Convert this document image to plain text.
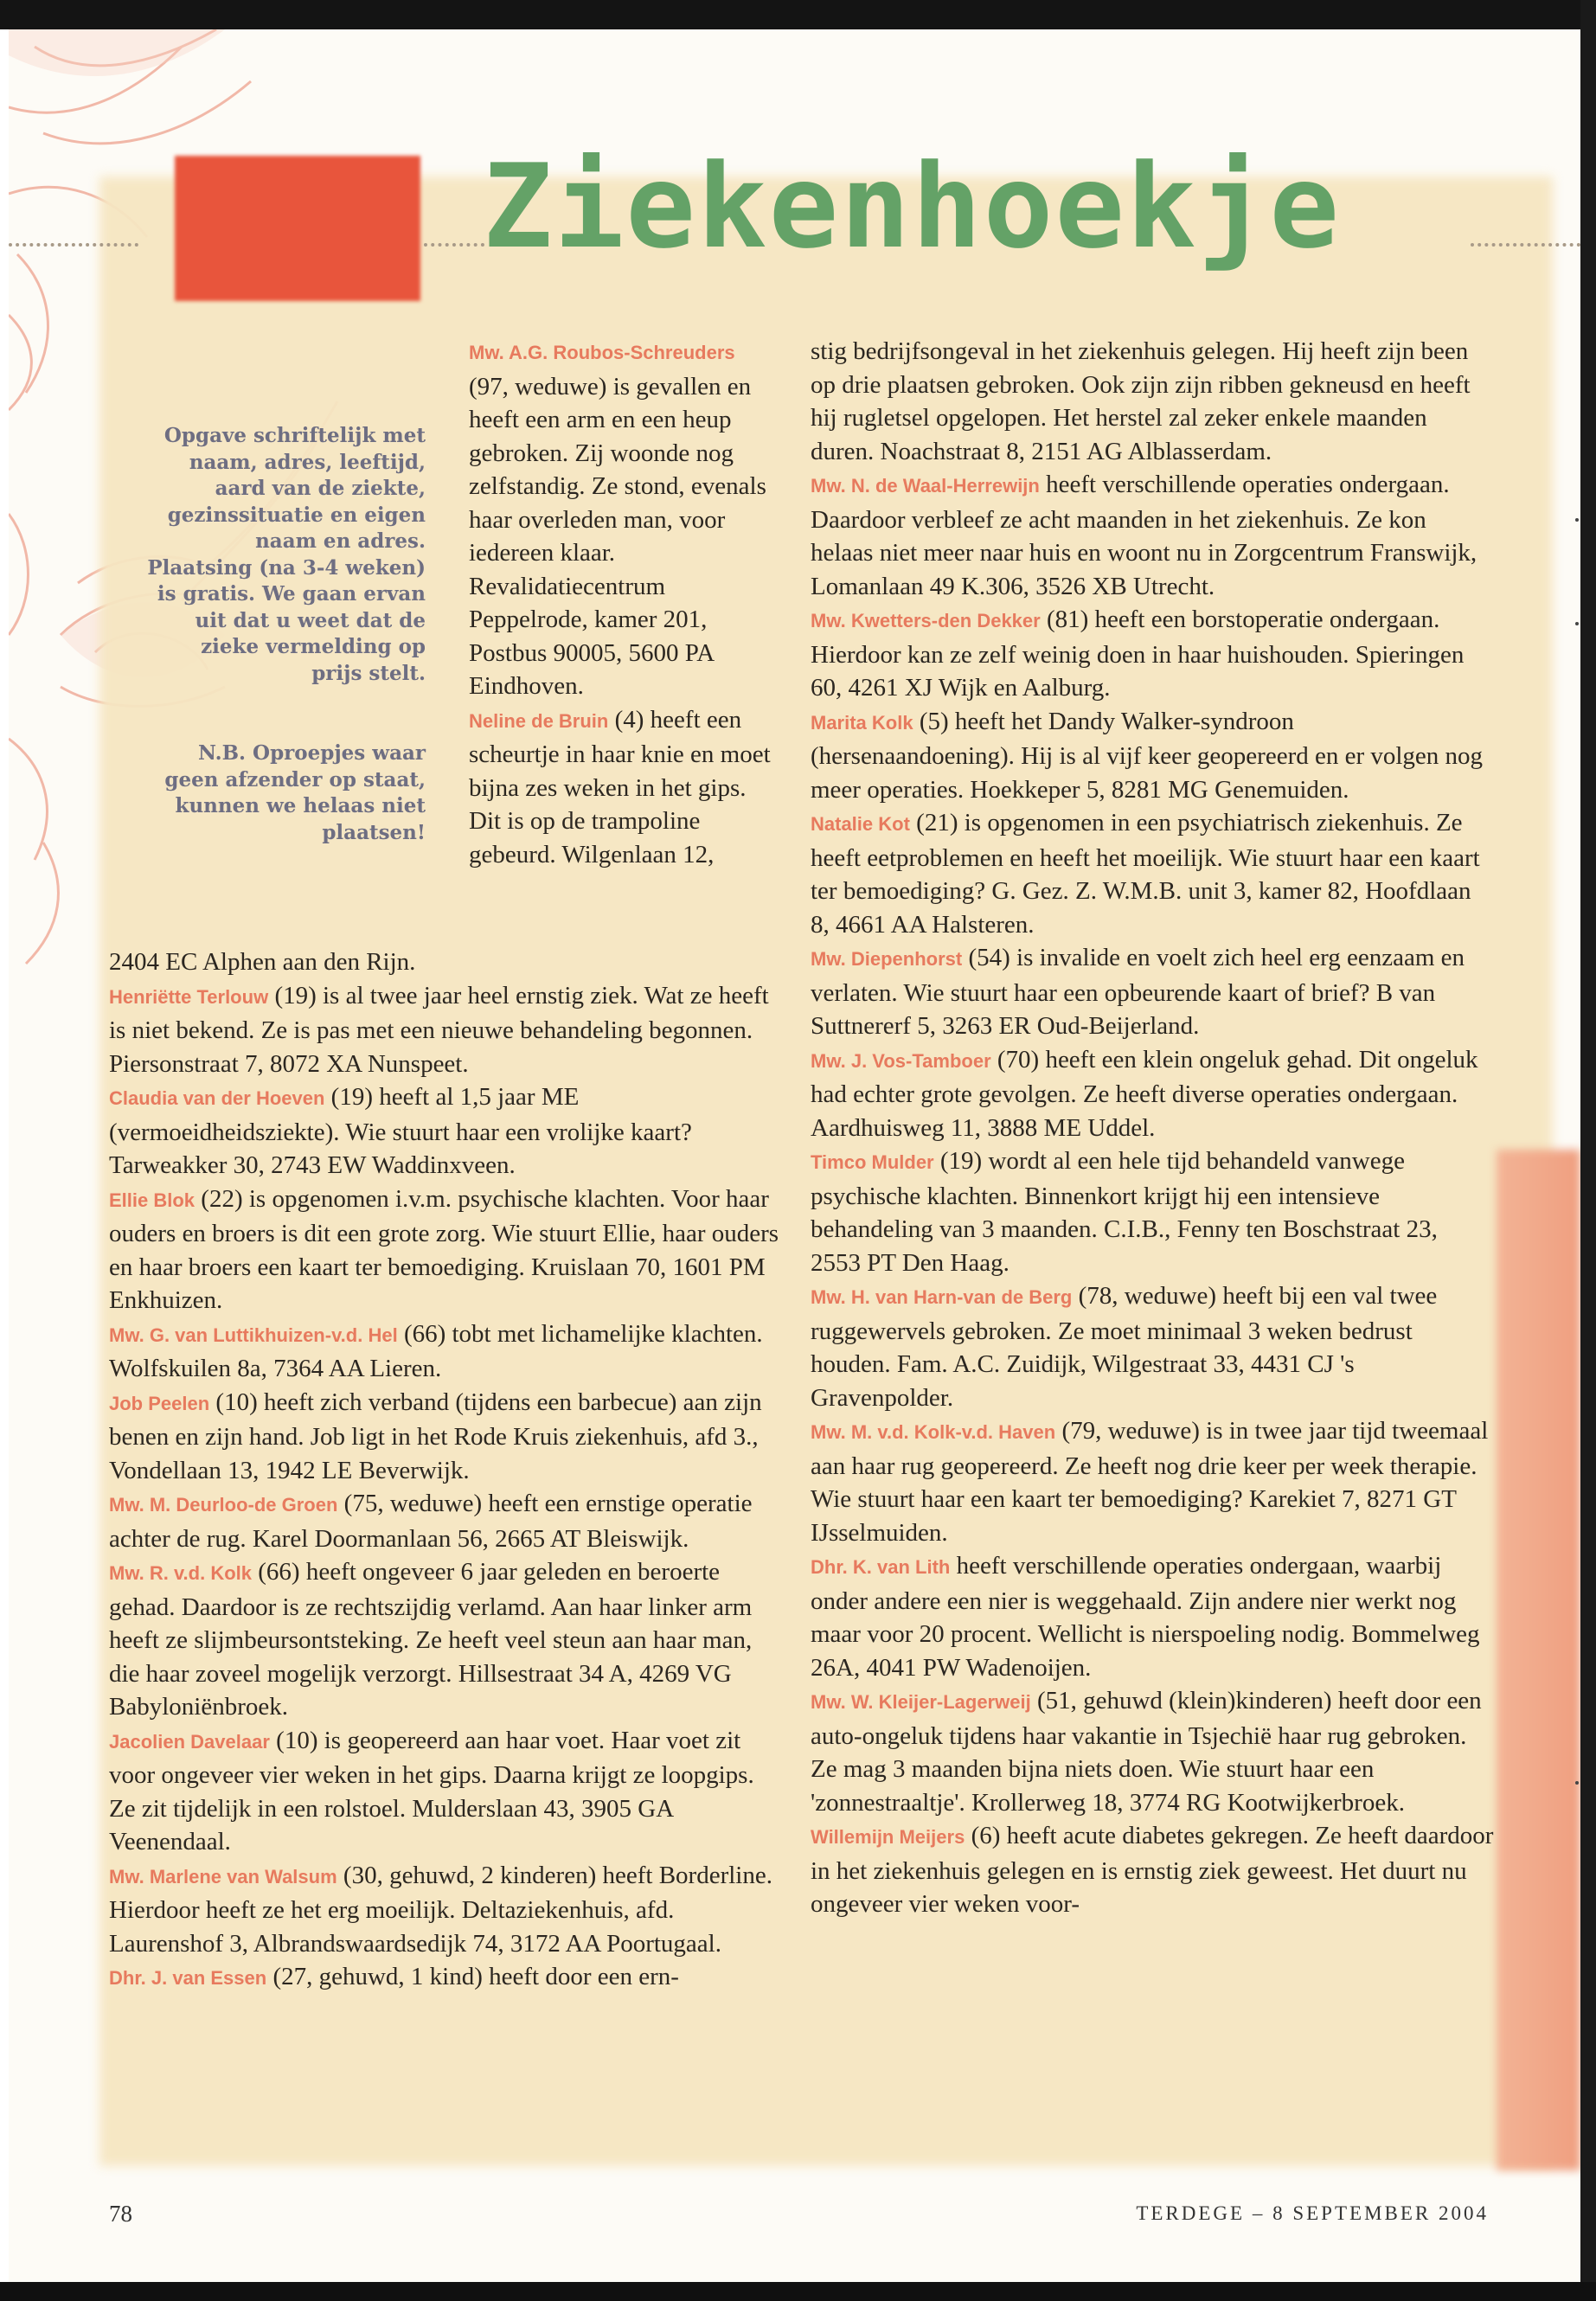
Ziekenhoekje

Opgave schriftelijk met naam, adres, leeftijd, aard van de ziekte, gezinssituatie en eigen naam en adres. Plaatsing (na 3-4 weken) is gratis. We gaan ervan uit dat u weet dat de zieke vermelding op prijs stelt.

N.B. Oproepjes waar geen afzender op staat, kunnen we helaas niet plaatsen!

Mw. A.G. Roubos-Schreuders (97, weduwe) is gevallen en heeft een arm en een heup gebroken. Zij woonde nog zelfstandig. Ze stond, evenals haar overleden man, voor iedereen klaar. Revalidatiecentrum Peppelrode, kamer 201, Postbus 90005, 5600 PA Eindhoven.

Neline de Bruin (4) heeft een scheurtje in haar knie en moet bijna zes weken in het gips. Dit is op de trampoline gebeurd. Wilgenlaan 12,

2404 EC Alphen aan den Rijn.

Henriëtte Terlouw (19) is al twee jaar heel ernstig ziek. Wat ze heeft is niet bekend. Ze is pas met een nieuwe behandeling begonnen. Piersonstraat 7, 8072 XA Nunspeet.

Claudia van der Hoeven (19) heeft al 1,5 jaar ME (vermoeidheidsziekte). Wie stuurt haar een vrolijke kaart? Tarweakker 30, 2743 EW Waddinxveen.

Ellie Blok (22) is opgenomen i.v.m. psychische klachten. Voor haar ouders en broers is dit een grote zorg. Wie stuurt Ellie, haar ouders en haar broers een kaart ter bemoediging. Kruislaan 70, 1601 PM Enkhuizen.

Mw. G. van Luttikhuizen-v.d. Hel (66) tobt met lichamelijke klachten. Wolfskuilen 8a, 7364 AA Lieren.

Job Peelen (10) heeft zich verband (tijdens een barbecue) aan zijn benen en zijn hand. Job ligt in het Rode Kruis ziekenhuis, afd 3., Vondellaan 13, 1942 LE Beverwijk.

Mw. M. Deurloo-de Groen (75, weduwe) heeft een ernstige operatie achter de rug. Karel Doormanlaan 56, 2665 AT Bleiswijk.

Mw. R. v.d. Kolk (66) heeft ongeveer 6 jaar geleden en beroerte gehad. Daardoor is ze rechtszijdig verlamd. Aan haar linker arm heeft ze slijmbeursontsteking. Ze heeft veel steun aan haar man, die haar zoveel mogelijk verzorgt. Hillsestraat 34 A, 4269 VG Babyloniënbroek.

Jacolien Davelaar (10) is geopereerd aan haar voet. Haar voet zit voor ongeveer vier weken in het gips. Daarna krijgt ze loopgips. Ze zit tijdelijk in een rolstoel. Mulderslaan 43, 3905 GA Veenendaal.

Mw. Marlene van Walsum (30, gehuwd, 2 kinderen) heeft Borderline. Hierdoor heeft ze het erg moeilijk. Deltaziekenhuis, afd. Laurenshof 3, Albrandswaardsedijk 74, 3172 AA Poortugaal.

Dhr. J. van Essen (27, gehuwd, 1 kind) heeft door een ern-

stig bedrijfsongeval in het ziekenhuis gelegen. Hij heeft zijn been op drie plaatsen gebroken. Ook zijn zijn ribben gekneusd en heeft hij rugletsel opgelopen. Het herstel zal zeker enkele maanden duren. Noachstraat 8, 2151 AG Alblasserdam.

Mw. N. de Waal-Herrewijn heeft verschillende operaties ondergaan. Daardoor verbleef ze acht maanden in het ziekenhuis. Ze kon helaas niet meer naar huis en woont nu in Zorgcentrum Franswijk, Lomanlaan 49 K.306, 3526 XB Utrecht.

Mw. Kwetters-den Dekker (81) heeft een borstoperatie ondergaan. Hierdoor kan ze zelf weinig doen in haar huishouden. Spieringen 60, 4261 XJ Wijk en Aalburg.

Marita Kolk (5) heeft het Dandy Walker-syndroon (hersenaandoening). Hij is al vijf keer geopereerd en er volgen nog meer operaties. Hoekkeper 5, 8281 MG Genemuiden.

Natalie Kot (21) is opgenomen in een psychiatrisch ziekenhuis. Ze heeft eetproblemen en heeft het moeilijk. Wie stuurt haar een kaart ter bemoediging? G. Gez. Z. W.M.B. unit 3, kamer 82, Hoofdlaan 8, 4661 AA Halsteren.

Mw. Diepenhorst (54) is invalide en voelt zich heel erg eenzaam en verlaten. Wie stuurt haar een opbeurende kaart of brief? B van Suttnererf 5, 3263 ER Oud-Beijerland.

Mw. J. Vos-Tamboer (70) heeft een klein ongeluk gehad. Dit ongeluk had echter grote gevolgen. Ze heeft diverse operaties ondergaan. Aardhuisweg 11, 3888 ME Uddel.

Timco Mulder (19) wordt al een hele tijd behandeld vanwege psychische klachten. Binnenkort krijgt hij een intensieve behandeling van 3 maanden. C.I.B., Fenny ten Boschstraat 23, 2553 PT Den Haag.

Mw. H. van Harn-van de Berg (78, weduwe) heeft bij een val twee ruggewervels gebroken. Ze moet minimaal 3 weken bedrust houden. Fam. A.C. Zuidijk, Wilgestraat 33, 4431 CJ 's Gravenpolder.

Mw. M. v.d. Kolk-v.d. Haven (79, weduwe) is in twee jaar tijd tweemaal aan haar rug geopereerd. Ze heeft nog drie keer per week therapie. Wie stuurt haar een kaart ter bemoediging? Karekiet 7, 8271 GT IJsselmuiden.

Dhr. K. van Lith heeft verschillende operaties ondergaan, waarbij onder andere een nier is weggehaald. Zijn andere nier werkt nog maar voor 20 procent. Wellicht is nierspoeling nodig. Bommelweg 26A, 4041 PW Wadenoijen.

Mw. W. Kleijer-Lagerweij (51, gehuwd (klein)kinderen) heeft door een auto-ongeluk tijdens haar vakantie in Tsjechië haar rug gebroken. Ze mag 3 maanden bijna niets doen. Wie stuurt haar een 'zonnestraaltje'. Krollerweg 18, 3774 RG Kootwijkerbroek.

Willemijn Meijers (6) heeft acute diabetes gekregen. Ze heeft daardoor in het ziekenhuis gelegen en is ernstig ziek geweest. Het duurt nu ongeveer vier weken voor-

78	TERDEGE – 8 SEPTEMBER 2004
